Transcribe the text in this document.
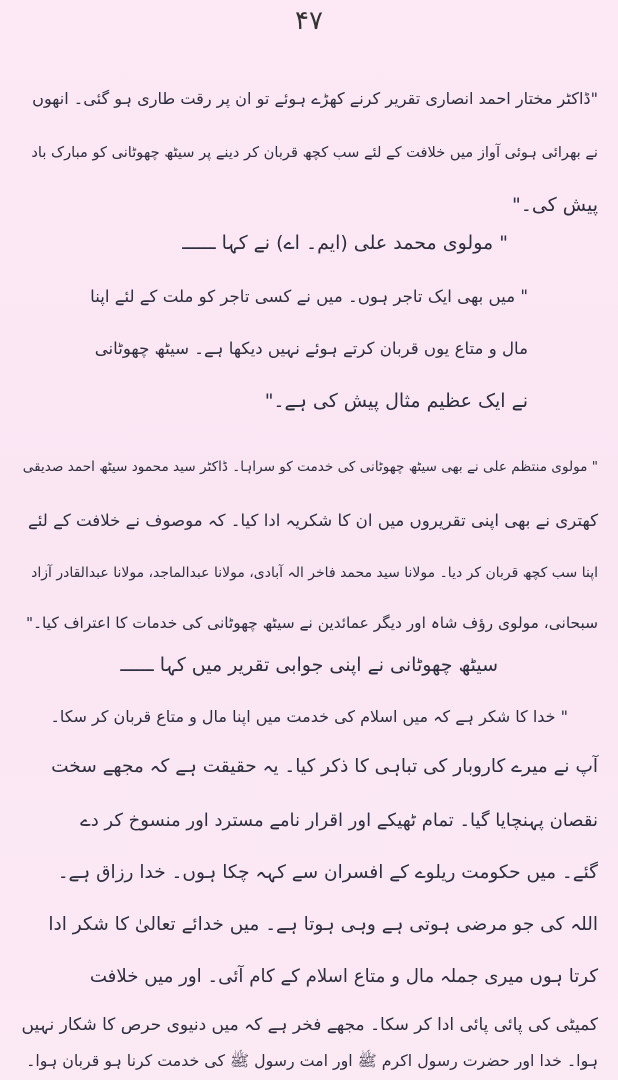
۴۷
"ڈاکٹر مختار احمد انصاری تقریر کرنے کھڑے ہوئے تو ان پر رقت طاری ہو گئی۔ انھوں
نے بھرائی ہوئی آواز میں خلافت کے لئے سب کچھ قربان کر دینے پر سیٹھ چھوٹانی کو مبارک باد
پیش کی۔"
" مولوی محمد علی (ایم۔ اے) نے کہا ــــــ
" میں بھی ایک تاجر ہوں۔ میں نے کسی تاجر کو ملت کے لئے اپنا
مال و متاع یوں قربان کرتے ہوئے نہیں دیکھا ہے۔ سیٹھ چھوٹانی
نے ایک عظیم مثال پیش کی ہے۔"
" مولوی منتظم علی نے بھی سیٹھ چھوٹانی کی خدمت کو سراہا۔ ڈاکٹر سید محمود سیٹھ احمد صدیقی
کھتری نے بھی اپنی تقریروں میں ان کا شکریہ ادا کیا۔ کہ موصوف نے خلافت کے لئے
اپنا سب کچھ قربان کر دیا۔ مولانا سید محمد فاخر الہ آبادی، مولانا عبدالماجد، مولانا عبدالقادر آزاد
سبحانی، مولوی رؤف شاہ اور دیگر عمائدین نے سیٹھ چھوٹانی کی خدمات کا اعتراف کیا۔"
سیٹھ چھوٹانی نے اپنی جوابی تقریر میں کہا ــــــ
" خدا کا شکر ہے کہ میں اسلام کی خدمت میں اپنا مال و متاع قربان کر سکا۔
آپ نے میرے کاروبار کی تباہی کا ذکر کیا۔ یہ حقیقت ہے کہ مجھے سخت
نقصان پہنچایا گیا۔ تمام ٹھیکے اور اقرار نامے مسترد اور منسوخ کر دے
گئے۔ میں حکومت ریلوے کے افسران سے کہہ چکا ہوں۔ خدا رزاق ہے۔
اللہ کی جو مرضی ہوتی ہے وہی ہوتا ہے۔ میں خدائے تعالیٰ کا شکر ادا
کرتا ہوں میری جملہ مال و متاع اسلام کے کام آئی۔ اور میں خلافت
کمیٹی کی پائی پائی ادا کر سکا۔ مجھے فخر ہے کہ میں دنیوی حرص کا شکار نہیں
ہوا۔ خدا اور حضرت رسول اکرم ﷺ اور امت رسول ﷺ کی خدمت کرنا ہو قربان ہوا۔
